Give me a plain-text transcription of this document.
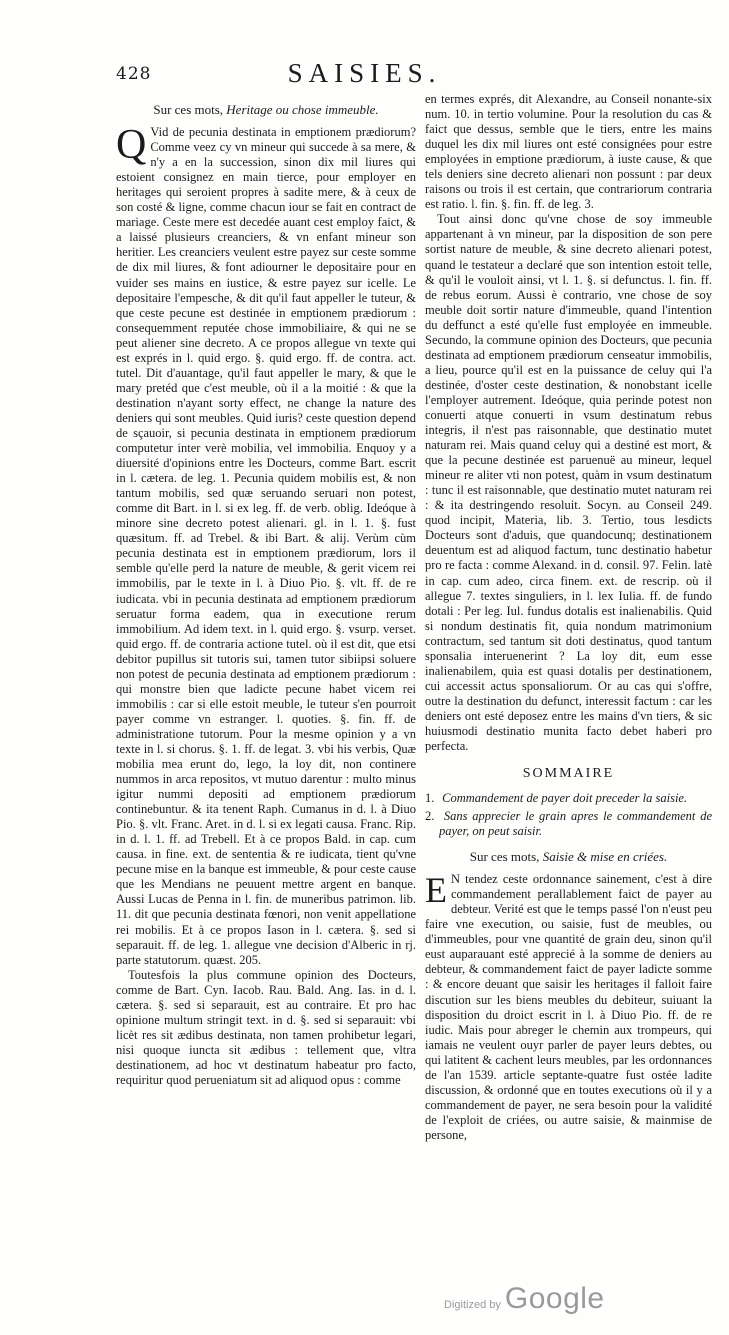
428	SAISIES.
Sur ces mots, Heritage ou chose immeuble.
Q Vid de pecunia destinata in emptionem prædiorum? Comme veez cy vn mineur qui succede à sa mere, & n'y a en la succession, sinon dix mil liures qui estoient consignez en main tierce, pour employer en heritages qui seroient propres à sadite mere, & à ceux de son costé & ligne, comme chacun iour se fait en contract de mariage. Ceste mere est decedée auant cest employ faict, & a laissé plusieurs creanciers, & vn enfant mineur son heritier. Les creanciers veulent estre payez sur ceste somme de dix mil liures, & font adiourner le depositaire pour en vuider ses mains en iustice, & estre payez sur icelle. Le depositaire l'empesche, & dit qu'il faut appeller le tuteur, & que ceste pecune est destinée in emptionem prædiorum : consequemment reputée chose immobiliaire, & qui ne se peut aliener sine decreto. A ce propos allegue vn texte qui est exprés in l. quid ergo. §. quid ergo. ff. de contra. act. tutel. Dit d'auantage, qu'il faut appeller le mary, & que le mary pretéd que c'est meuble, où il a la moitié : & que la destination n'ayant sorty effect, ne change la nature des deniers qui sont meubles. Quid iuris? ceste question depend de sçauoir, si pecunia destinata in emptionem prædiorum computetur inter verè mobilia, vel immobilia. Enquoy y a diuersité d'opinions entre les Docteurs, comme Bart. escrit in l. cætera. de leg. 1. Pecunia quidem mobilis est, & non tantum mobilis, sed quæ seruando seruari non potest, comme dit Bart. in l. si ex leg. ff. de verb. oblig. Ideóque à minore sine decreto potest alienari. gl. in l. 1. §. fust quæsitum. ff. ad Trebel. & ibi Bart. & alij. Verùm cùm pecunia destinata est in emptionem prædiorum, lors il semble qu'elle perd la nature de meuble, & gerit vicem rei immobilis, par le texte in l. à Diuo Pio. §. vlt. ff. de re iudicata. vbi in pecunia destinata ad emptionem prædiorum seruatur forma eadem, qua in executione rerum immobilium. Ad idem text. in l. quid ergo. §. vsurp. verset. quid ergo. ff. de contraria actione tutel. où il est dit, que etsi debitor pupillus sit tutoris sui, tamen tutor sibiipsi soluere non potest de pecunia destinata ad emptionem prædiorum : qui monstre bien que ladicte pecune habet vicem rei immobilis : car si elle estoit meuble, le tuteur s'en pourroit payer comme vn estranger. l. quoties. §. fin. ff. de administratione tutorum. Pour la mesme opinion y a vn texte in l. si chorus. §. 1. ff. de legat. 3. vbi his verbis, Quæ mobilia mea erunt do, lego, la loy dit, non continere nummos in arca repositos, vt mutuo darentur : multo minus igitur nummi depositi ad emptionem prædiorum continebuntur. & ita tenent Raph. Cumanus in d. l. à Diuo Pio. §. vlt. Franc. Aret. in d. l. si ex legati causa. Franc. Rip. in d. l. 1. ff. ad Trebell. Et à ce propos Bald. in cap. cum causa. in fine. ext. de sententia & re iudicata, tient qu'vne pecune mise en la banque est immeuble, & pour ceste cause que les Mendians ne peuuent mettre argent en banque. Aussi Lucas de Penna in l. fin. de muneribus patrimon. lib. 11. dit que pecunia destinata fœnori, non venit appellatione rei mobilis. Et à ce propos Iason in l. cætera. §. sed si separauit. ff. de leg. 1. allegue vne decision d'Alberic in rj. parte statutorum. quæst. 205.

Toutesfois la plus commune opinion des Docteurs, comme de Bart. Cyn. Iacob. Rau. Bald. Ang. Ias. in d. l. cætera. §. sed si separauit, est au contraire. Et pro hac opinione multum stringit text. in d. §. sed si separauit: vbi licèt res sit ædibus destinata, non tamen prohibetur legari, nisi quoque iuncta sit ædibus : tellement que, vltra destinationem, ad hoc vt destinatum habeatur pro facto, requiritur quod perueniatum sit ad aliquod opus : comme

en termes exprés, dit Alexandre, au Conseil nonante-six num. 10. in tertio volumine. Pour la resolution du cas & faict que dessus, semble que le tiers, entre les mains duquel les dix mil liures ont esté consignées pour estre employées in emptione prædiorum, à iuste cause, & que tels deniers sine decreto alienari non possunt : par deux raisons ou trois il est certain, que contrariorum contraria est ratio. l. fin. §. fin. ff. de leg. 3.

Tout ainsi donc qu'vne chose de soy immeuble appartenant à vn mineur, par la disposition de son pere sortist nature de meuble, & sine decreto alienari potest, quand le testateur a declaré que son intention estoit telle, & qu'il le vouloit ainsi, vt l. 1. §. si defunctus. l. fin. ff. de rebus eorum. Aussi è contrario, vne chose de soy meuble doit sortir nature d'immeuble, quand l'intention du deffunct a esté qu'elle fust employée en immeuble. Secundo, la commune opinion des Docteurs, que pecunia destinata ad emptionem prædiorum censeatur immobilis, a lieu, pource qu'il est en la puissance de celuy qui l'a destinée, d'oster ceste destination, & nonobstant icelle l'employer autrement. Ideóque, quia perinde potest non conuerti atque conuerti in vsum destinatum rebus integris, il n'est pas raisonnable, que destinatio mutet naturam rei. Mais quand celuy qui a destiné est mort, & que la pecune destinée est paruenuë au mineur, lequel mineur re aliter vti non potest, quàm in vsum destinatum : tunc il est raisonnable, que destinatio mutet naturam rei : & ita destringendo resoluit. Socyn. au Conseil 249. quod incipit, Materia, lib. 3. Tertio, tous lesdicts Docteurs sont d'aduis, que quandocunq; destinationem deuentum est ad aliquod factum, tunc destinatio habetur pro re facta : comme Alexand. in d. consil. 97. Felin. latè in cap. cum adeo, circa finem. ext. de rescrip. où il allegue 7. textes singuliers, in l. lex Iulia. ff. de fundo dotali : Per leg. Iul. fundus dotalis est inalienabilis. Quid si nondum destinatis fit, quia nondum matrimonium contractum, sed tantum sit doti destinatus, quod tantum sponsalia interuenerint ? La loy dit, eum esse inalienabilem, quia est quasi dotalis per destinationem, cui accessit actus sponsaliorum. Or au cas qui s'offre, outre la destination du defunct, interessit factum : car les deniers ont esté deposez entre les mains d'vn tiers, & sic huiusmodi destinatio munita facto debet haberi pro perfecta.

SOMMAIRE
1. Commandement de payer doit preceder la saisie.
2. Sans apprecier le grain apres le commandement de payer, on peut saisir.
Sur ces mots, Saisie & mise en criées.
E N tendez ceste ordonnance sainement, c'est à dire commandement perallablement faict de payer au debteur. Verité est que le temps passé l'on n'eust peu faire vne execution, ou saisie, fust de meubles, ou d'immeubles, pour vne quantité de grain deu, sinon qu'il eust auparauant esté apprecié à la somme de deniers au debteur, & commandement faict de payer ladicte somme : & encore deuant que saisir les heritages il falloit faire discution sur les biens meubles du debiteur, suiuant la disposition du droict escrit in l. à Diuo Pio. ff. de re iudic. Mais pour abreger le chemin aux trompeurs, qui iamais ne veulent ouyr parler de payer leurs debtes, ou qui latitent & cachent leurs meubles, par les ordonnances de l'an 1539. article septante-quatre fust ostée ladite discussion, & ordonné que en toutes executions où il y a commandement de payer, ne sera besoin pour la validité de l'exploit de criées, ou autre saisie, & mainmise de persone,

Digitized by Google
